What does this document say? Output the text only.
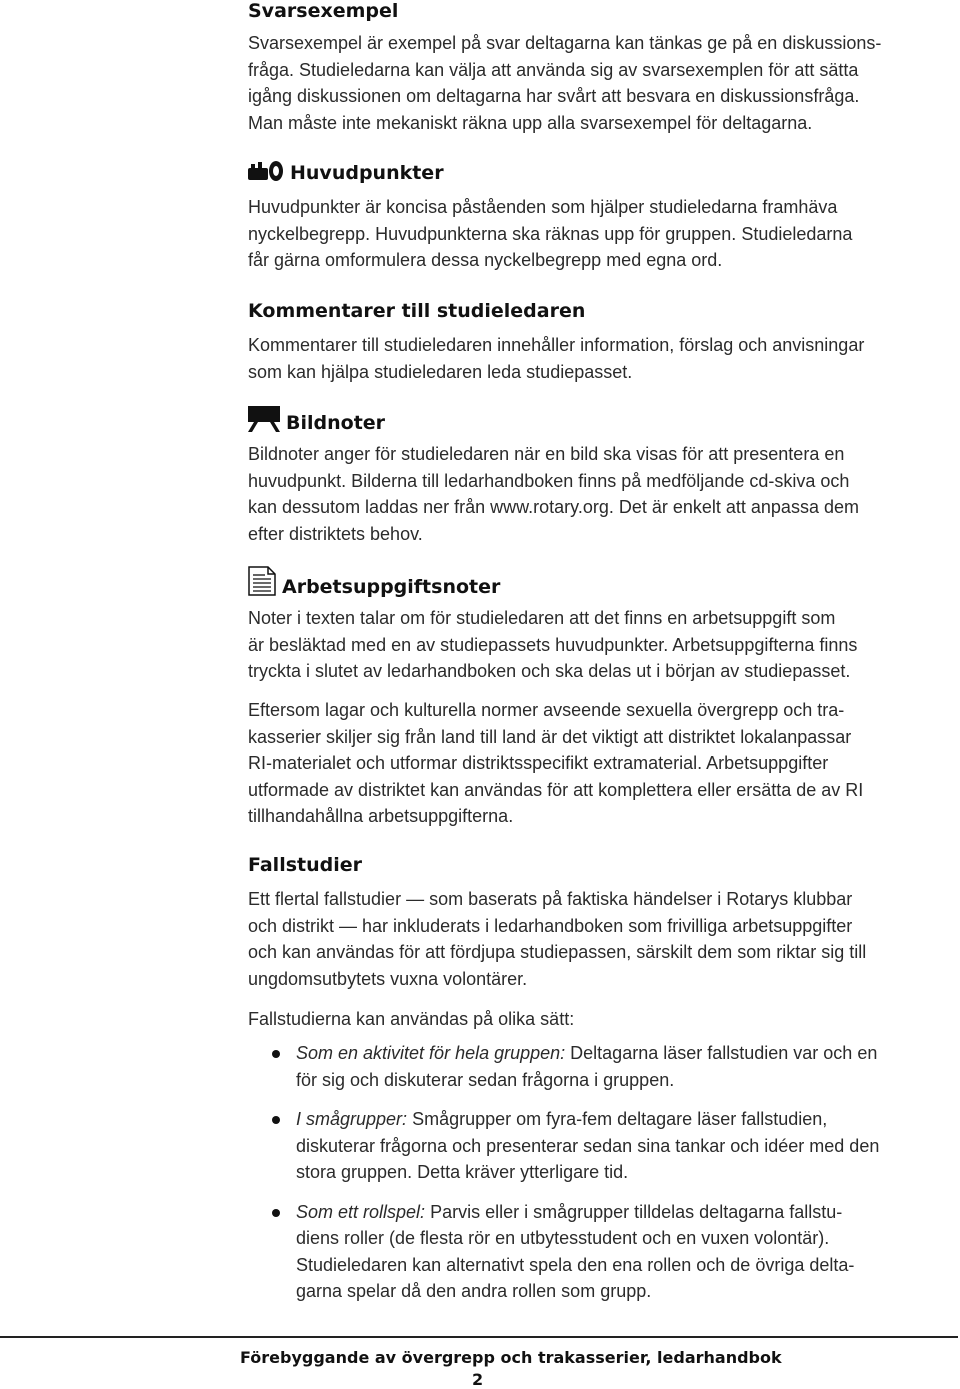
Svarsexempel

Svarsexempel är exempel på svar deltagarna kan tänkas ge på en diskussions-
fråga. Studieledarna kan välja att använda sig av svarsexemplen för att sätta
igång diskussionen om deltagarna har svårt att besvara en diskussionsfråga.
Man måste inte mekaniskt räkna upp alla svarsexempel för deltagarna.

Huvudpunkter

Huvudpunkter är koncisa påståenden som hjälper studieledarna framhäva
nyckelbegrepp. Huvudpunkterna ska räknas upp för gruppen. Studieledarna
får gärna omformulera dessa nyckelbegrepp med egna ord.

Kommentarer till studieledaren

Kommentarer till studieledaren innehåller information, förslag och anvisningar
som kan hjälpa studieledaren leda studiepasset.

Bildnoter

Bildnoter anger för studieledaren när en bild ska visas för att presentera en
huvudpunkt. Bilderna till ledarhandboken finns på medföljande cd-skiva och
kan dessutom laddas ner från www.rotary.org. Det är enkelt att anpassa dem
efter distriktets behov.

Arbetsuppgiftsnoter

Noter i texten talar om för studieledaren att det finns en arbetsuppgift som
är besläktad med en av studiepassets huvudpunkter. Arbetsuppgifterna finns
tryckta i slutet av ledarhandboken och ska delas ut i början av studiepasset.

Eftersom lagar och kulturella normer avseende sexuella övergrepp och tra-
kasserier skiljer sig från land till land är det viktigt att distriktet lokalanpassar
RI-materialet och utformar distriktsspecifikt extramaterial. Arbetsuppgifter
utformade av distriktet kan användas för att komplettera eller ersätta de av RI
tillhandahållna arbetsuppgifterna.

Fallstudier

Ett flertal fallstudier — som baserats på faktiska händelser i Rotarys klubbar
och distrikt — har inkluderats i ledarhandboken som frivilliga arbetsuppgifter
och kan användas för att fördjupa studiepassen, särskilt dem som riktar sig till
ungdomsutbytets vuxna volontärer.

Fallstudierna kan användas på olika sätt:

Som en aktivitet för hela gruppen: Deltagarna läser fallstudien var och en
för sig och diskuterar sedan frågorna i gruppen.
I smågrupper: Smågrupper om fyra-fem deltagare läser fallstudien,
diskuterar frågorna och presenterar sedan sina tankar och idéer med den
stora gruppen. Detta kräver ytterligare tid.
Som ett rollspel: Parvis eller i smågrupper tilldelas deltagarna fallstu-
diens roller (de flesta rör en utbytesstudent och en vuxen volontär).
Studieledaren kan alternativt spela den ena rollen och de övriga delta-
garna spelar då den andra rollen som grupp.
Förebyggande av övergrepp och trakasserier, ledarhandbok
2
